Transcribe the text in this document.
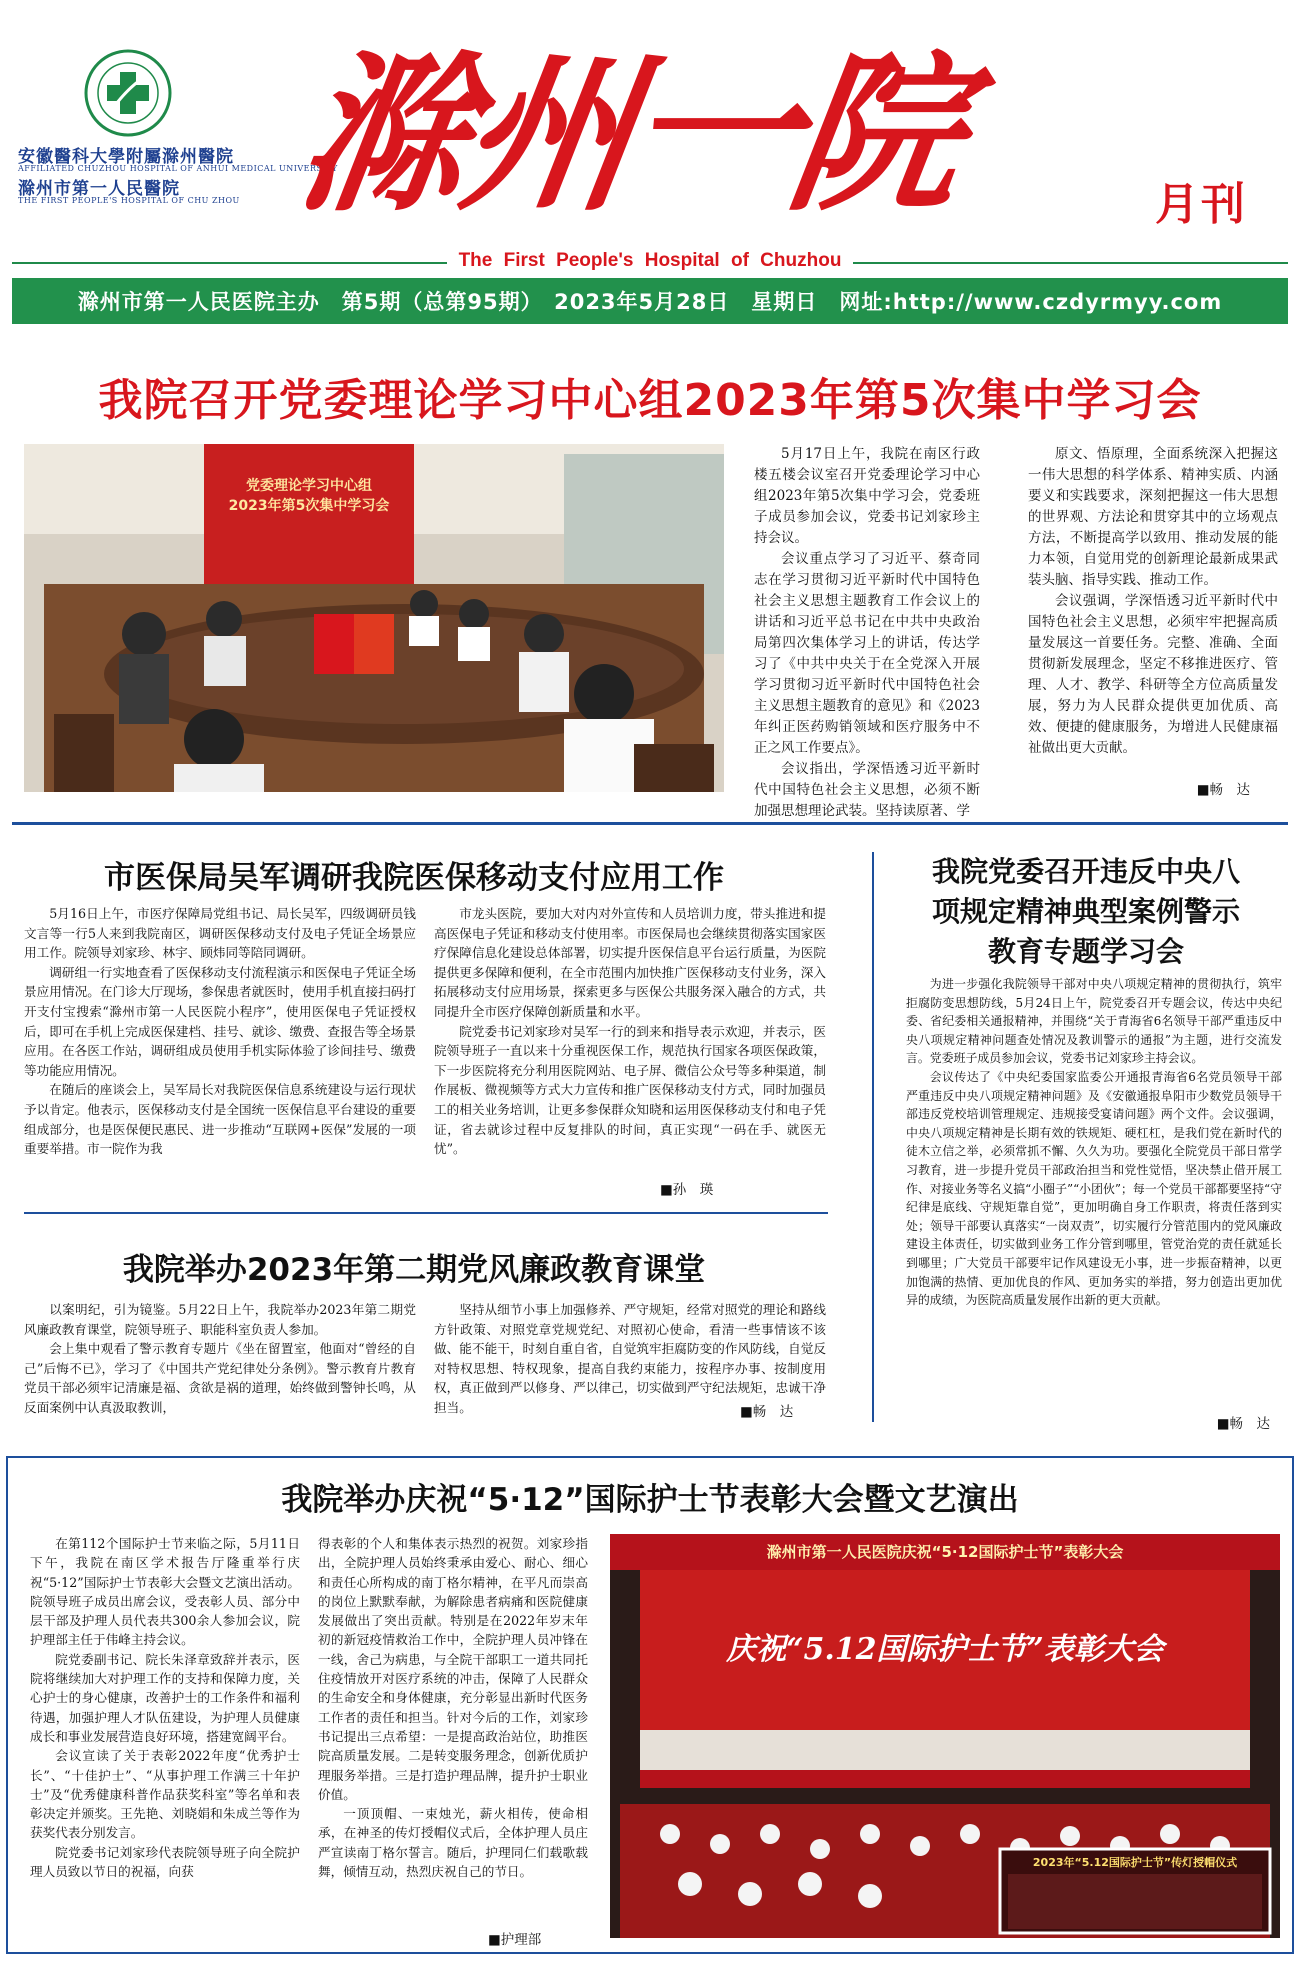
安徽醫科大學附屬滁州醫院
AFFILIATED CHUZHOU HOSPITAL OF ANHUI MEDICAL UNIVERSITY
滁州市第一人民醫院
THE FIRST PEOPLE'S HOSPITAL OF CHU ZHOU 滁州一院	月刊
The First People's Hospital of Chuzhou
滁州市第一人民医院主办　第5期（总第95期）　2023年5月28日　星期日　网址:http://www.czdyrmyy.com
我院召开党委理论学习中心组2023年第5次集中学习会
党委理论学习中心组
2023年第5次集中学习会

5月17日上午，我院在南区行政楼五楼会议室召开党委理论学习中心组2023年第5次集中学习会，党委班子成员参加会议，党委书记刘家珍主持会议。

会议重点学习了习近平、蔡奇同志在学习贯彻习近平新时代中国特色社会主义思想主题教育工作会议上的讲话和习近平总书记在中共中央政治局第四次集体学习上的讲话，传达学习了《中共中央关于在全党深入开展学习贯彻习近平新时代中国特色社会主义思想主题教育的意见》和《2023年纠正医药购销领域和医疗服务中不正之风工作要点》。

会议指出，学深悟透习近平新时代中国特色社会主义思想，必须不断加强思想理论武装。坚持读原著、学

原文、悟原理，全面系统深入把握这一伟大思想的科学体系、精神实质、内涵要义和实践要求，深刻把握这一伟大思想的世界观、方法论和贯穿其中的立场观点方法，不断提高学以致用、推动发展的能力本领，自觉用党的创新理论最新成果武装头脑、指导实践、推动工作。

会议强调，学深悟透习近平新时代中国特色社会主义思想，必须牢牢把握高质量发展这一首要任务。完整、准确、全面贯彻新发展理念，坚定不移推进医疗、管理、人才、教学、科研等全方位高质量发展，努力为人民群众提供更加优质、高效、便捷的健康服务，为增进人民健康福祉做出更大贡献。

■畅　达
市医保局吴军调研我院医保移动支付应用工作

5月16日上午，市医疗保障局党组书记、局长吴军，四级调研员钱文言等一行5人来到我院南区，调研医保移动支付及电子凭证全场景应用工作。院领导刘家珍、林宇、顾炜同等陪同调研。

调研组一行实地查看了医保移动支付流程演示和医保电子凭证全场景应用情况。在门诊大厅现场，参保患者就医时，使用手机直接扫码打开支付宝搜索“滁州市第一人民医院小程序”，使用医保电子凭证授权后，即可在手机上完成医保建档、挂号、就诊、缴费、查报告等全场景应用。在各医工作站，调研组成员使用手机实际体验了诊间挂号、缴费等功能应用情况。

在随后的座谈会上，吴军局长对我院医保信息系统建设与运行现状予以肯定。他表示，医保移动支付是全国统一医保信息平台建设的重要组成部分，也是医保便民惠民、进一步推动“互联网+医保”发展的一项重要举措。市一院作为我

市龙头医院，要加大对内对外宣传和人员培训力度，带头推进和提高医保电子凭证和移动支付使用率。市医保局也会继续贯彻落实国家医疗保障信息化建设总体部署，切实提升医保信息平台运行质量，为医院提供更多保障和便利，在全市范围内加快推广医保移动支付业务，深入拓展移动支付应用场景，探索更多与医保公共服务深入融合的方式，共同提升全市医疗保障创新质量和水平。

院党委书记刘家珍对吴军一行的到来和指导表示欢迎，并表示，医院领导班子一直以来十分重视医保工作，规范执行国家各项医保政策，下一步医院将充分利用医院网站、电子屏、微信公众号等多种渠道，制作展板、微视频等方式大力宣传和推广医保移动支付方式，同时加强员工的相关业务培训，让更多参保群众知晓和运用医保移动支付和电子凭证，省去就诊过程中反复排队的时间，真正实现“一码在手、就医无忧”。

■孙　瑛
我院举办2023年第二期党风廉政教育课堂

以案明纪，引为镜鉴。5月22日上午，我院举办2023年第二期党风廉政教育课堂，院领导班子、职能科室负责人参加。

会上集中观看了警示教育专题片《坐在留置室，他面对“曾经的自己”后悔不已》，学习了《中国共产党纪律处分条例》。警示教育片教育党员干部必须牢记清廉是福、贪欲是祸的道理，始终做到警钟长鸣，从反面案例中认真汲取教训，

坚持从细节小事上加强修养、严守规矩，经常对照党的理论和路线方针政策、对照党章党规党纪、对照初心使命，看清一些事情该不该做、能不能干，时刻自重自省，自觉筑牢拒腐防变的作风防线，自觉反对特权思想、特权现象，提高自我约束能力，按程序办事、按制度用权，真正做到严以修身、严以律己，切实做到严守纪法规矩，忠诚干净担当。	■畅　达
我院党委召开违反中央八
项规定精神典型案例警示
教育专题学习会

为进一步强化我院领导干部对中央八项规定精神的贯彻执行，筑牢拒腐防变思想防线，5月24日上午，院党委召开专题会议，传达中央纪委、省纪委相关通报精神，并围绕“关于青海省6名领导干部严重违反中央八项规定精神问题查处情况及教训警示的通报”为主题，进行交流发言。党委班子成员参加会议，党委书记刘家珍主持会议。

会议传达了《中央纪委国家监委公开通报青海省6名党员领导干部严重违反中央八项规定精神问题》及《安徽通报阜阳市少数党员领导干部违反党校培训管理规定、违规接受宴请问题》两个文件。会议强调，中央八项规定精神是长期有效的铁规矩、硬杠杠，是我们党在新时代的徒木立信之举，必须常抓不懈、久久为功。要强化全院党员干部日常学习教育，进一步提升党员干部政治担当和党性觉悟，坚决禁止借开展工作、对接业务等名义搞“小圈子”“小团伙”；每一个党员干部都要坚持“守纪律是底线、守规矩靠自觉”，更加明确自身工作职责，将责任落到实处；领导干部要认真落实“一岗双责”，切实履行分管范围内的党风廉政建设主体责任，切实做到业务工作分管到哪里，管党治党的责任就延长到哪里；广大党员干部要牢记作风建设无小事，进一步振奋精神，以更加饱满的热情、更加优良的作风、更加务实的举措，努力创造出更加优异的成绩，为医院高质量发展作出新的更大贡献。

■畅　达
我院举办庆祝“5·12”国际护士节表彰大会暨文艺演出

在第112个国际护士节来临之际，5月11日下午，我院在南区学术报告厅隆重举行庆祝“5·12”国际护士节表彰大会暨文艺演出活动。院领导班子成员出席会议，受表彰人员、部分中层干部及护理人员代表共300余人参加会议，院护理部主任于伟峰主持会议。

院党委副书记、院长朱泽章致辞并表示，医院将继续加大对护理工作的支持和保障力度，关心护士的身心健康，改善护士的工作条件和福利待遇，加强护理人才队伍建设，为护理人员健康成长和事业发展营造良好环境，搭建宽阔平台。

会议宣读了关于表彰2022年度“优秀护士长”、“十佳护士”、“从事护理工作满三十年护士”及“优秀健康科普作品获奖科室”等名单和表彰决定并颁奖。王先艳、刘晓娟和朱成兰等作为获奖代表分别发言。

院党委书记刘家珍代表院领导班子向全院护理人员致以节日的祝福，向获

得表彰的个人和集体表示热烈的祝贺。刘家珍指出，全院护理人员始终秉承由爱心、耐心、细心和责任心所构成的南丁格尔精神，在平凡而崇高的岗位上默默奉献，为解除患者病痛和医院健康发展做出了突出贡献。特别是在2022年岁末年初的新冠疫情救治工作中，全院护理人员冲锋在一线，舍己为病患，与全院干部职工一道共同托住疫情放开对医疗系统的冲击，保障了人民群众的生命安全和身体健康，充分彰显出新时代医务工作者的责任和担当。针对今后的工作，刘家珍书记提出三点希望：一是提高政治站位，助推医院高质量发展。二是转变服务理念，创新优质护理服务举措。三是打造护理品牌，提升护士职业价值。

一顶顶帽、一束烛光，薪火相传，使命相承，在神圣的传灯授帽仪式后，全体护理人员庄严宣读南丁格尔誓言。随后，护理同仁们载歌载舞，倾情互动，热烈庆祝自己的节日。

■护理部
滁州市第一人民医院庆祝“5·12国际护士节”表彰大会
庆祝“5.12国际护士节”表彰大会
2023年“5.12国际护士节”传灯授帽仪式
